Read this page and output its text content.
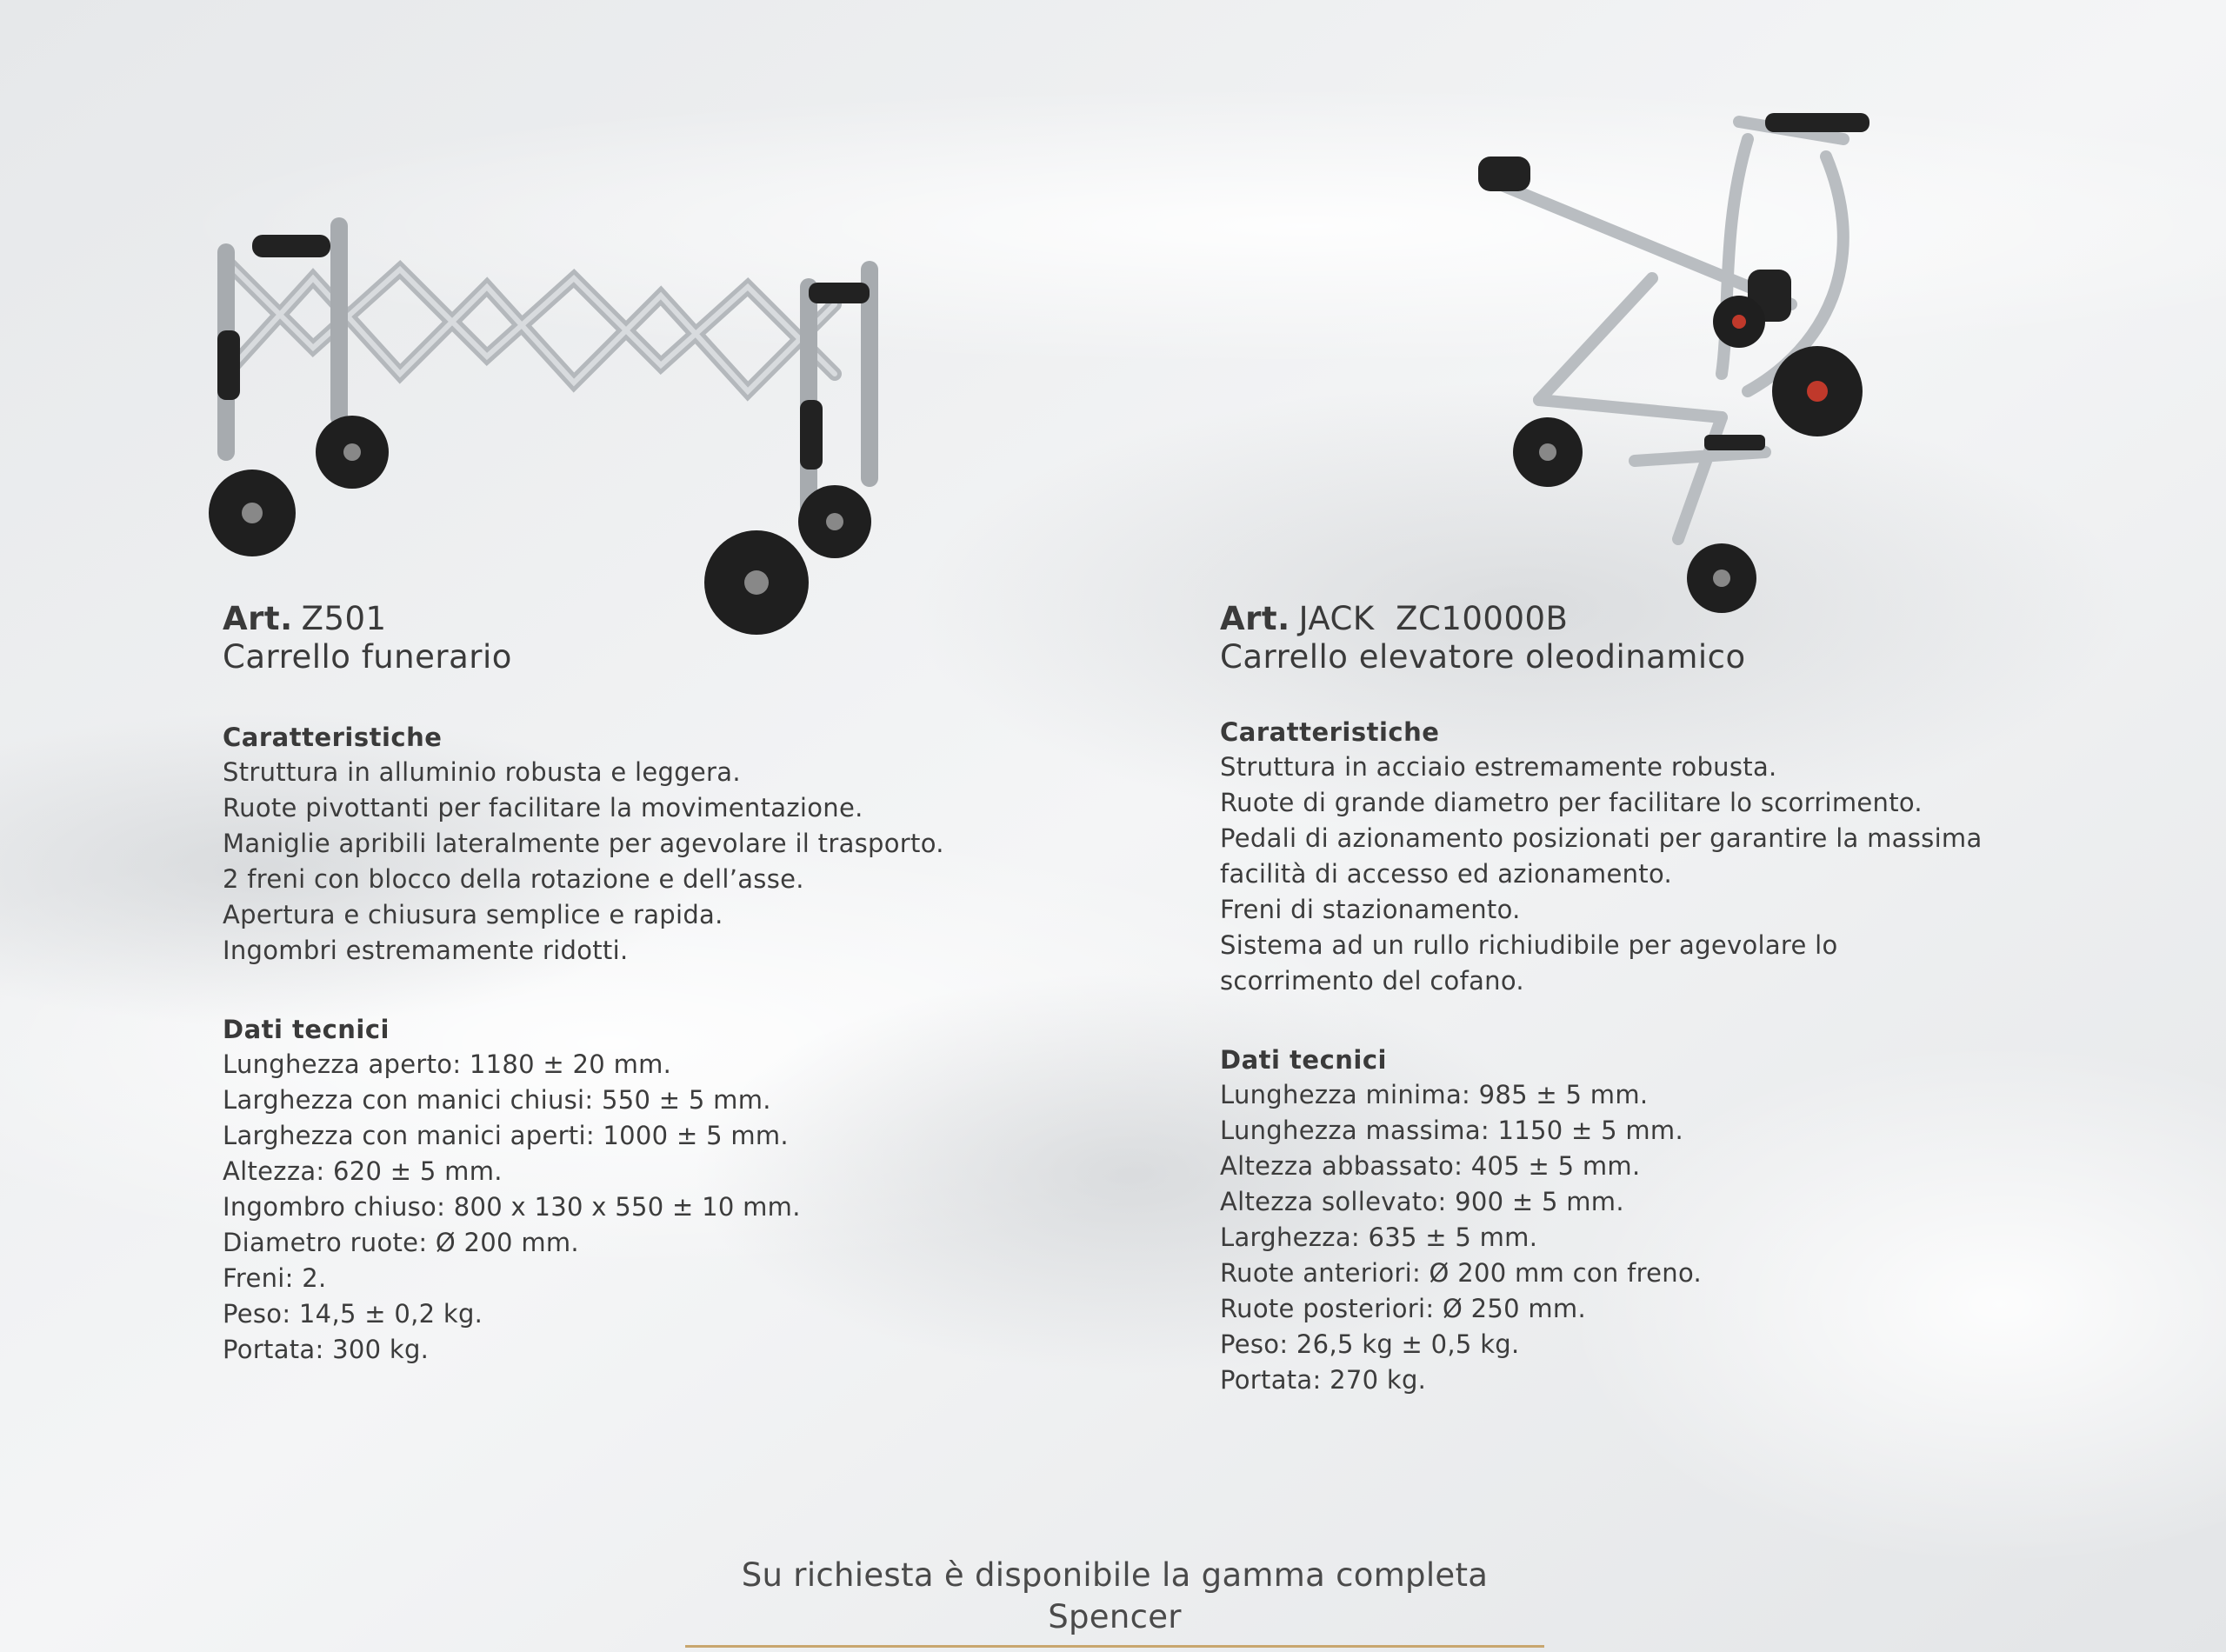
Art. Z501
Carrello funerario
Caratteristiche
Struttura in alluminio robusta e leggera.
Ruote pivottanti per facilitare la movimentazione.
Maniglie apribili lateralmente per agevolare il trasporto.
2 freni con blocco della rotazione e dell’asse.
Apertura e chiusura semplice e rapida.
Ingombri estremamente ridotti.
Dati tecnici
Lunghezza aperto: 1180 ± 20 mm.
Larghezza con manici chiusi: 550 ± 5 mm.
Larghezza con manici aperti: 1000 ± 5 mm.
Altezza: 620 ± 5 mm.
Ingombro chiuso: 800 x 130 x 550 ± 10 mm.
Diametro ruote: Ø 200 mm.
Freni: 2.
Peso: 14,5 ± 0,2 kg.
Portata: 300 kg.
Art. JACK  ZC10000B
Carrello elevatore oleodinamico
Caratteristiche
Struttura in acciaio estremamente robusta.
Ruote di grande diametro per facilitare lo scorrimento.
Pedali di azionamento posizionati per garantire la massima
facilità di accesso ed azionamento.
Freni di stazionamento.
Sistema ad un rullo richiudibile per agevolare lo
scorrimento del cofano.
Dati tecnici
Lunghezza minima: 985 ± 5 mm.
Lunghezza massima: 1150 ± 5 mm.
Altezza abbassato: 405 ± 5 mm.
Altezza sollevato: 900 ± 5 mm.
Larghezza: 635 ± 5 mm.
Ruote anteriori: Ø 200 mm con freno.
Ruote posteriori: Ø 250 mm.
Peso: 26,5 kg ± 0,5 kg.
Portata: 270 kg.
Su richiesta è disponibile la gamma completa Spencer
